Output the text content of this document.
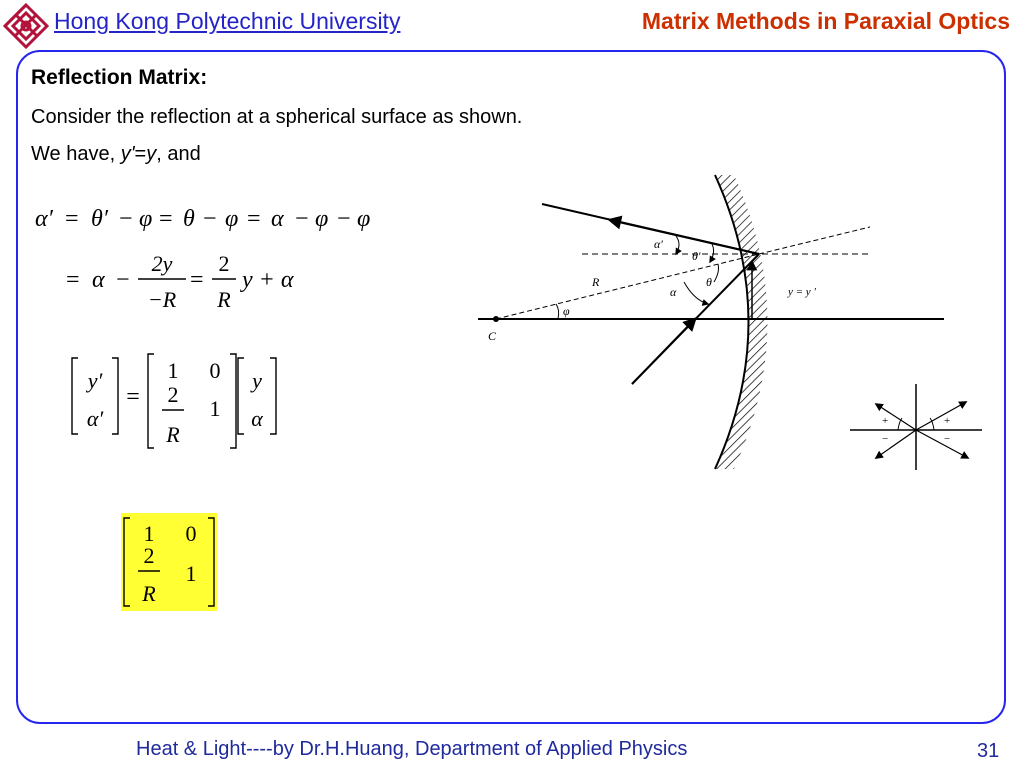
Hong Kong Polytechnic University	Matrix Methods in Paraxial Optics
Reflection Matrix:
Consider the reflection at a spherical surface as shown.
We have, y'=y, and
α′ = θ′ − φ = θ − φ = α − φ − φ
= α −
2y
−R
=
2
R
y + α
y′
α′
=
1 0
2
R
1
y
α
1 0
2
R
1
C
R
φ
α'
θ'
θ
α	y = y '
+
−
+
−
Heat & Light----by Dr.H.Huang, Department of Applied Physics	31
